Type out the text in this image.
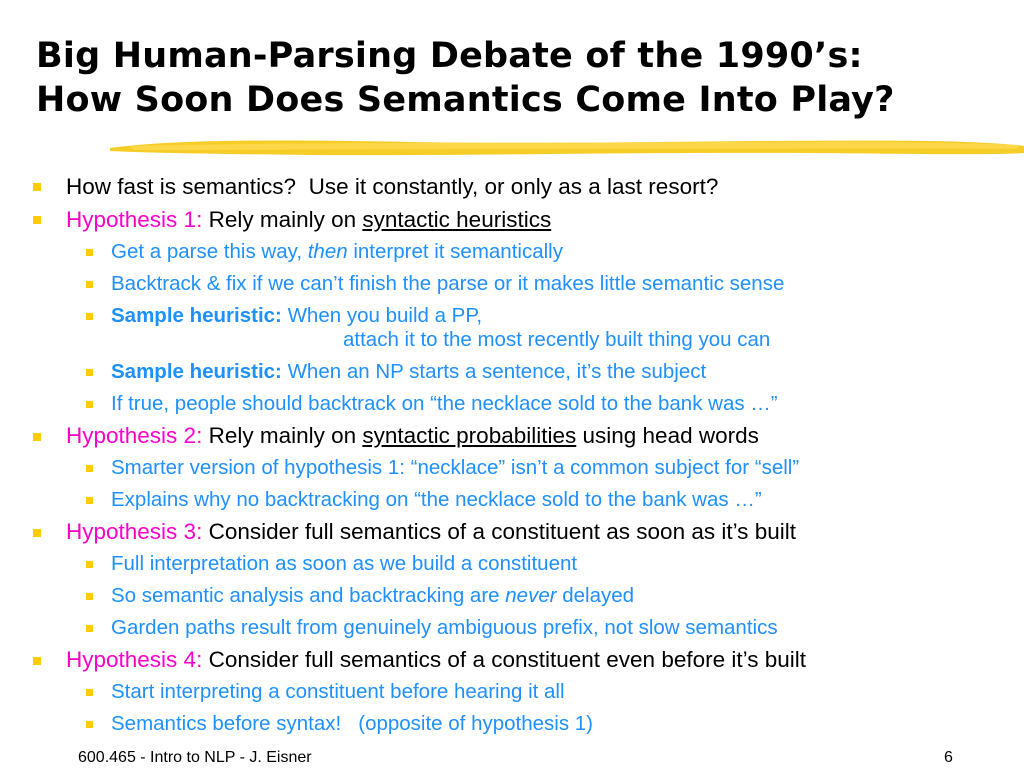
Big Human-Parsing Debate of the 1990’s:
How Soon Does Semantics Come Into Play?
How fast is semantics?  Use it constantly, or only as a last resort?
Hypothesis 1: Rely mainly on syntactic heuristics
Get a parse this way, then interpret it semantically
Backtrack & fix if we can’t finish the parse or it makes little semantic sense
Sample heuristic: When you build a PP,
attach it to the most recently built thing you can
Sample heuristic: When an NP starts a sentence, it’s the subject
If true, people should backtrack on “the necklace sold to the bank was …”
Hypothesis 2: Rely mainly on syntactic probabilities using head words
Smarter version of hypothesis 1: “necklace” isn’t a common subject for “sell”
Explains why no backtracking on “the necklace sold to the bank was …”
Hypothesis 3: Consider full semantics of a constituent as soon as it’s built
Full interpretation as soon as we build a constituent
So semantic analysis and backtracking are never delayed
Garden paths result from genuinely ambiguous prefix, not slow semantics
Hypothesis 4: Consider full semantics of a constituent even before it’s built
Start interpreting a constituent before hearing it all
Semantics before syntax!   (opposite of hypothesis 1)
600.465 - Intro to NLP - J. Eisner	6
